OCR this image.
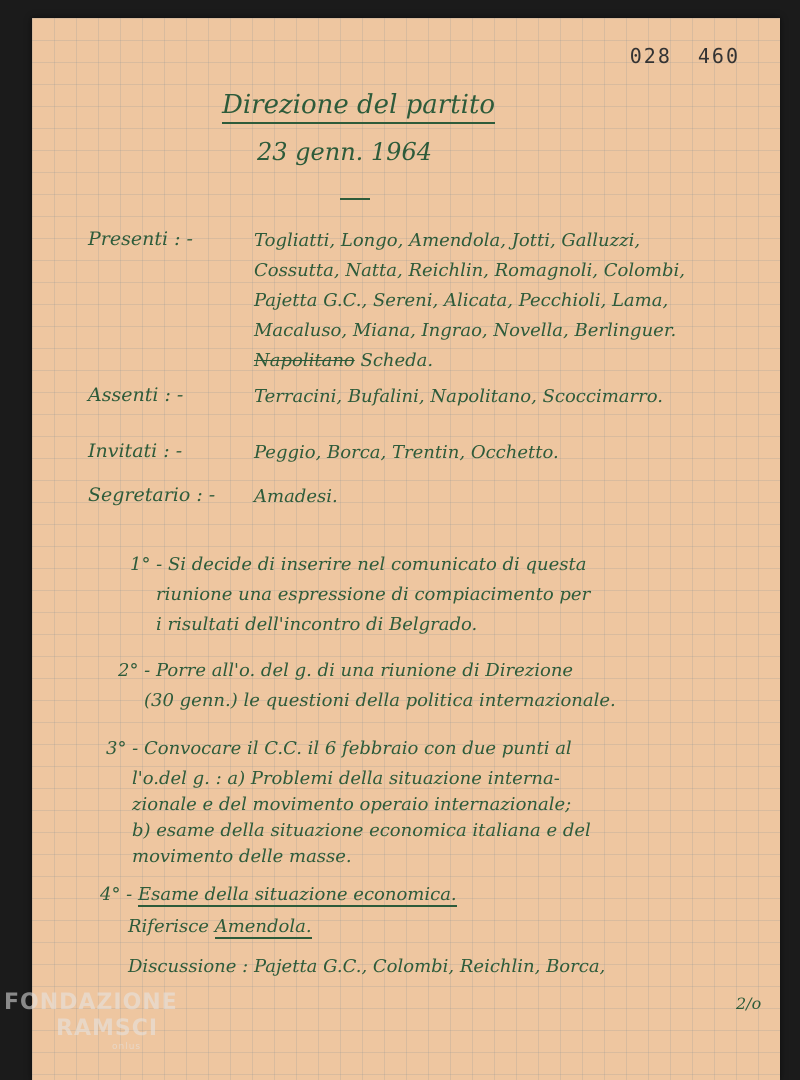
028 460
Direzione del partito
23 genn. 1964
Presenti : -	Togliatti, Longo, Amendola, Jotti, Galluzzi,
Cossutta, Natta, Reichlin, Romagnoli, Colombi,
Pajetta G.C., Sereni, Alicata, Pecchioli, Lama,
Macaluso, Miana, Ingrao, Novella, Berlinguer.
Napolitano Scheda.
Assenti : -	Terracini, Bufalini, Napolitano, Scoccimarro.
Invitati : -	Peggio, Borca, Trentin, Occhetto.
Segretario : - Amadesi.
1° - Si decide di inserire nel comunicato di questa
riunione una espressione di compiacimento per
i risultati dell'incontro di Belgrado.
2° - Porre all'o. del g. di una riunione di Direzione
(30 genn.) le questioni della politica internazionale.
3° - Convocare il C.C. il 6 febbraio con due punti al
l'o.del g. : a) Problemi della situazione interna-
zionale e del movimento operaio internazionale;
b) esame della situazione economica italiana e del
movimento delle masse.
4° - Esame della situazione economica.
Riferisce Amendola.
Discussione : Pajetta G.C., Colombi, Reichlin, Borca,
2/o
FONDAZIONE
RAMSCI
onlus
